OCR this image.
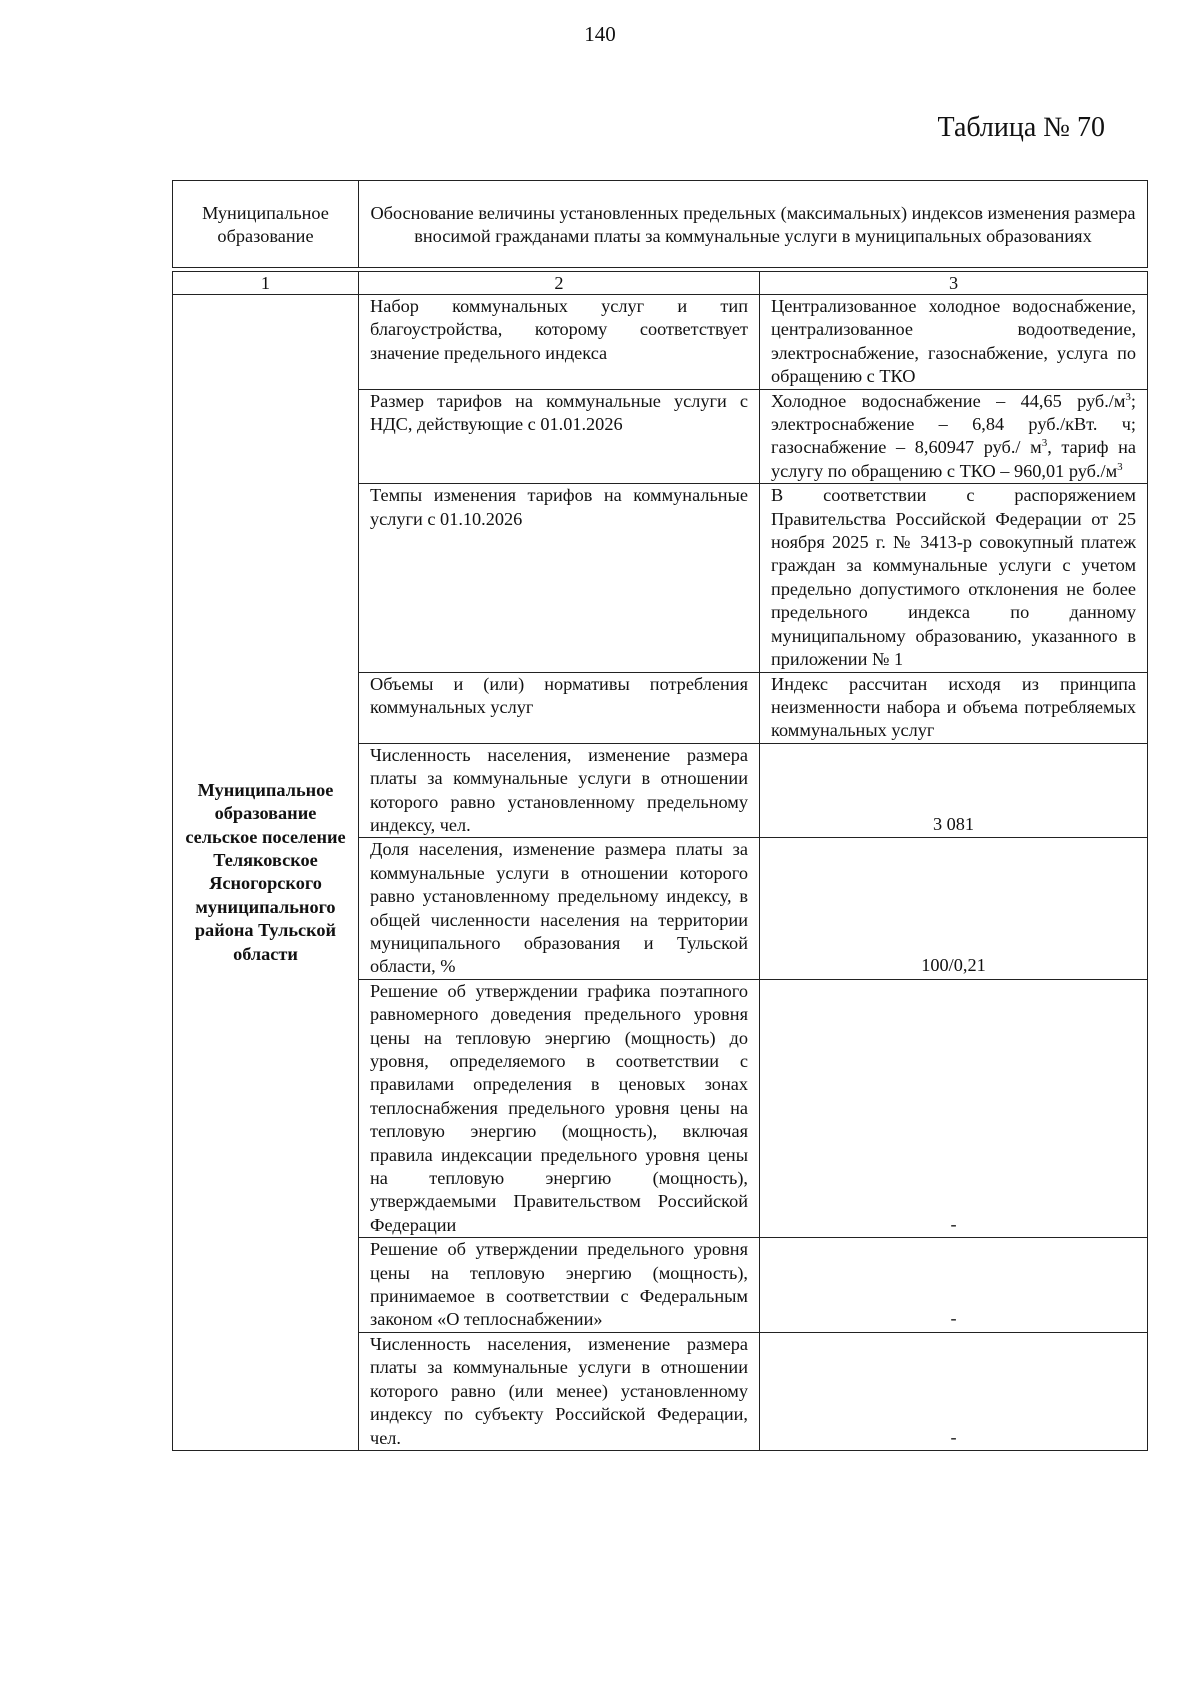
140
Таблица № 70
Муниципальное образование	Обоснование величины установленных предельных (максимальных) индексов изменения размера вносимой гражданами платы за коммунальные услуги в муниципальных образованиях	

1	2	3
Муниципальное образование сельское поселение Теляковское Ясногорского муниципального района Тульской области	Набор коммунальных услуг и тип благоустройства, которому соответствует значение предельного индекса	Централизованное холодное водоснабжение, централизованное водоотведение, электроснабжение, газоснабжение, услуга по обращению с ТКО
	Размер тарифов на коммунальные услуги с НДС, действующие с 01.01.2026	Холодное водоснабжение – 44,65 $руб./м^3$; электроснабжение – 6,84 руб./кВт. ч; газоснабжение – 8,60947 руб./ $м^3$, тариф на услугу по обращению с ТКО – 960,01 $руб./м^3$
	Темпы изменения тарифов на коммунальные услуги с 01.10.2026	В соответствии с распоряжением Правительства Российской Федерации от 25 ноября 2025 г. № 3413-р совокупный платеж граждан за коммунальные услуги с учетом предельно допустимого отклонения не более предельного индекса по данному муниципальному образованию, указанного в приложении № 1
	Объемы и (или) нормативы потребления коммунальных услуг	Индекс рассчитан исходя из принципа неизменности набора и объема потребляемых коммунальных услуг
	Численность населения, изменение размера платы за коммунальные услуги в отношении которого равно установленному предельному индексу, чел.	3 081
	Доля населения, изменение размера платы за коммунальные услуги в отношении которого равно установленному предельному индексу, в общей численности населения на территории муниципального образования и Тульской области, %	100/0,21
	Решение об утверждении графика поэтапного равномерного доведения предельного уровня цены на тепловую энергию (мощность) до уровня, определяемого в соответствии с правилами определения в ценовых зонах теплоснабжения предельного уровня цены на тепловую энергию (мощность), включая правила индексации предельного уровня цены на тепловую энергию (мощность), утверждаемыми Правительством Российской Федерации	-
	Решение об утверждении предельного уровня цены на тепловую энергию (мощность), принимаемое в соответствии с Федеральным законом «О теплоснабжении»	-
	Численность населения, изменение размера платы за коммунальные услуги в отношении которого равно (или менее) установленному индексу по субъекту Российской Федерации, чел.	-
